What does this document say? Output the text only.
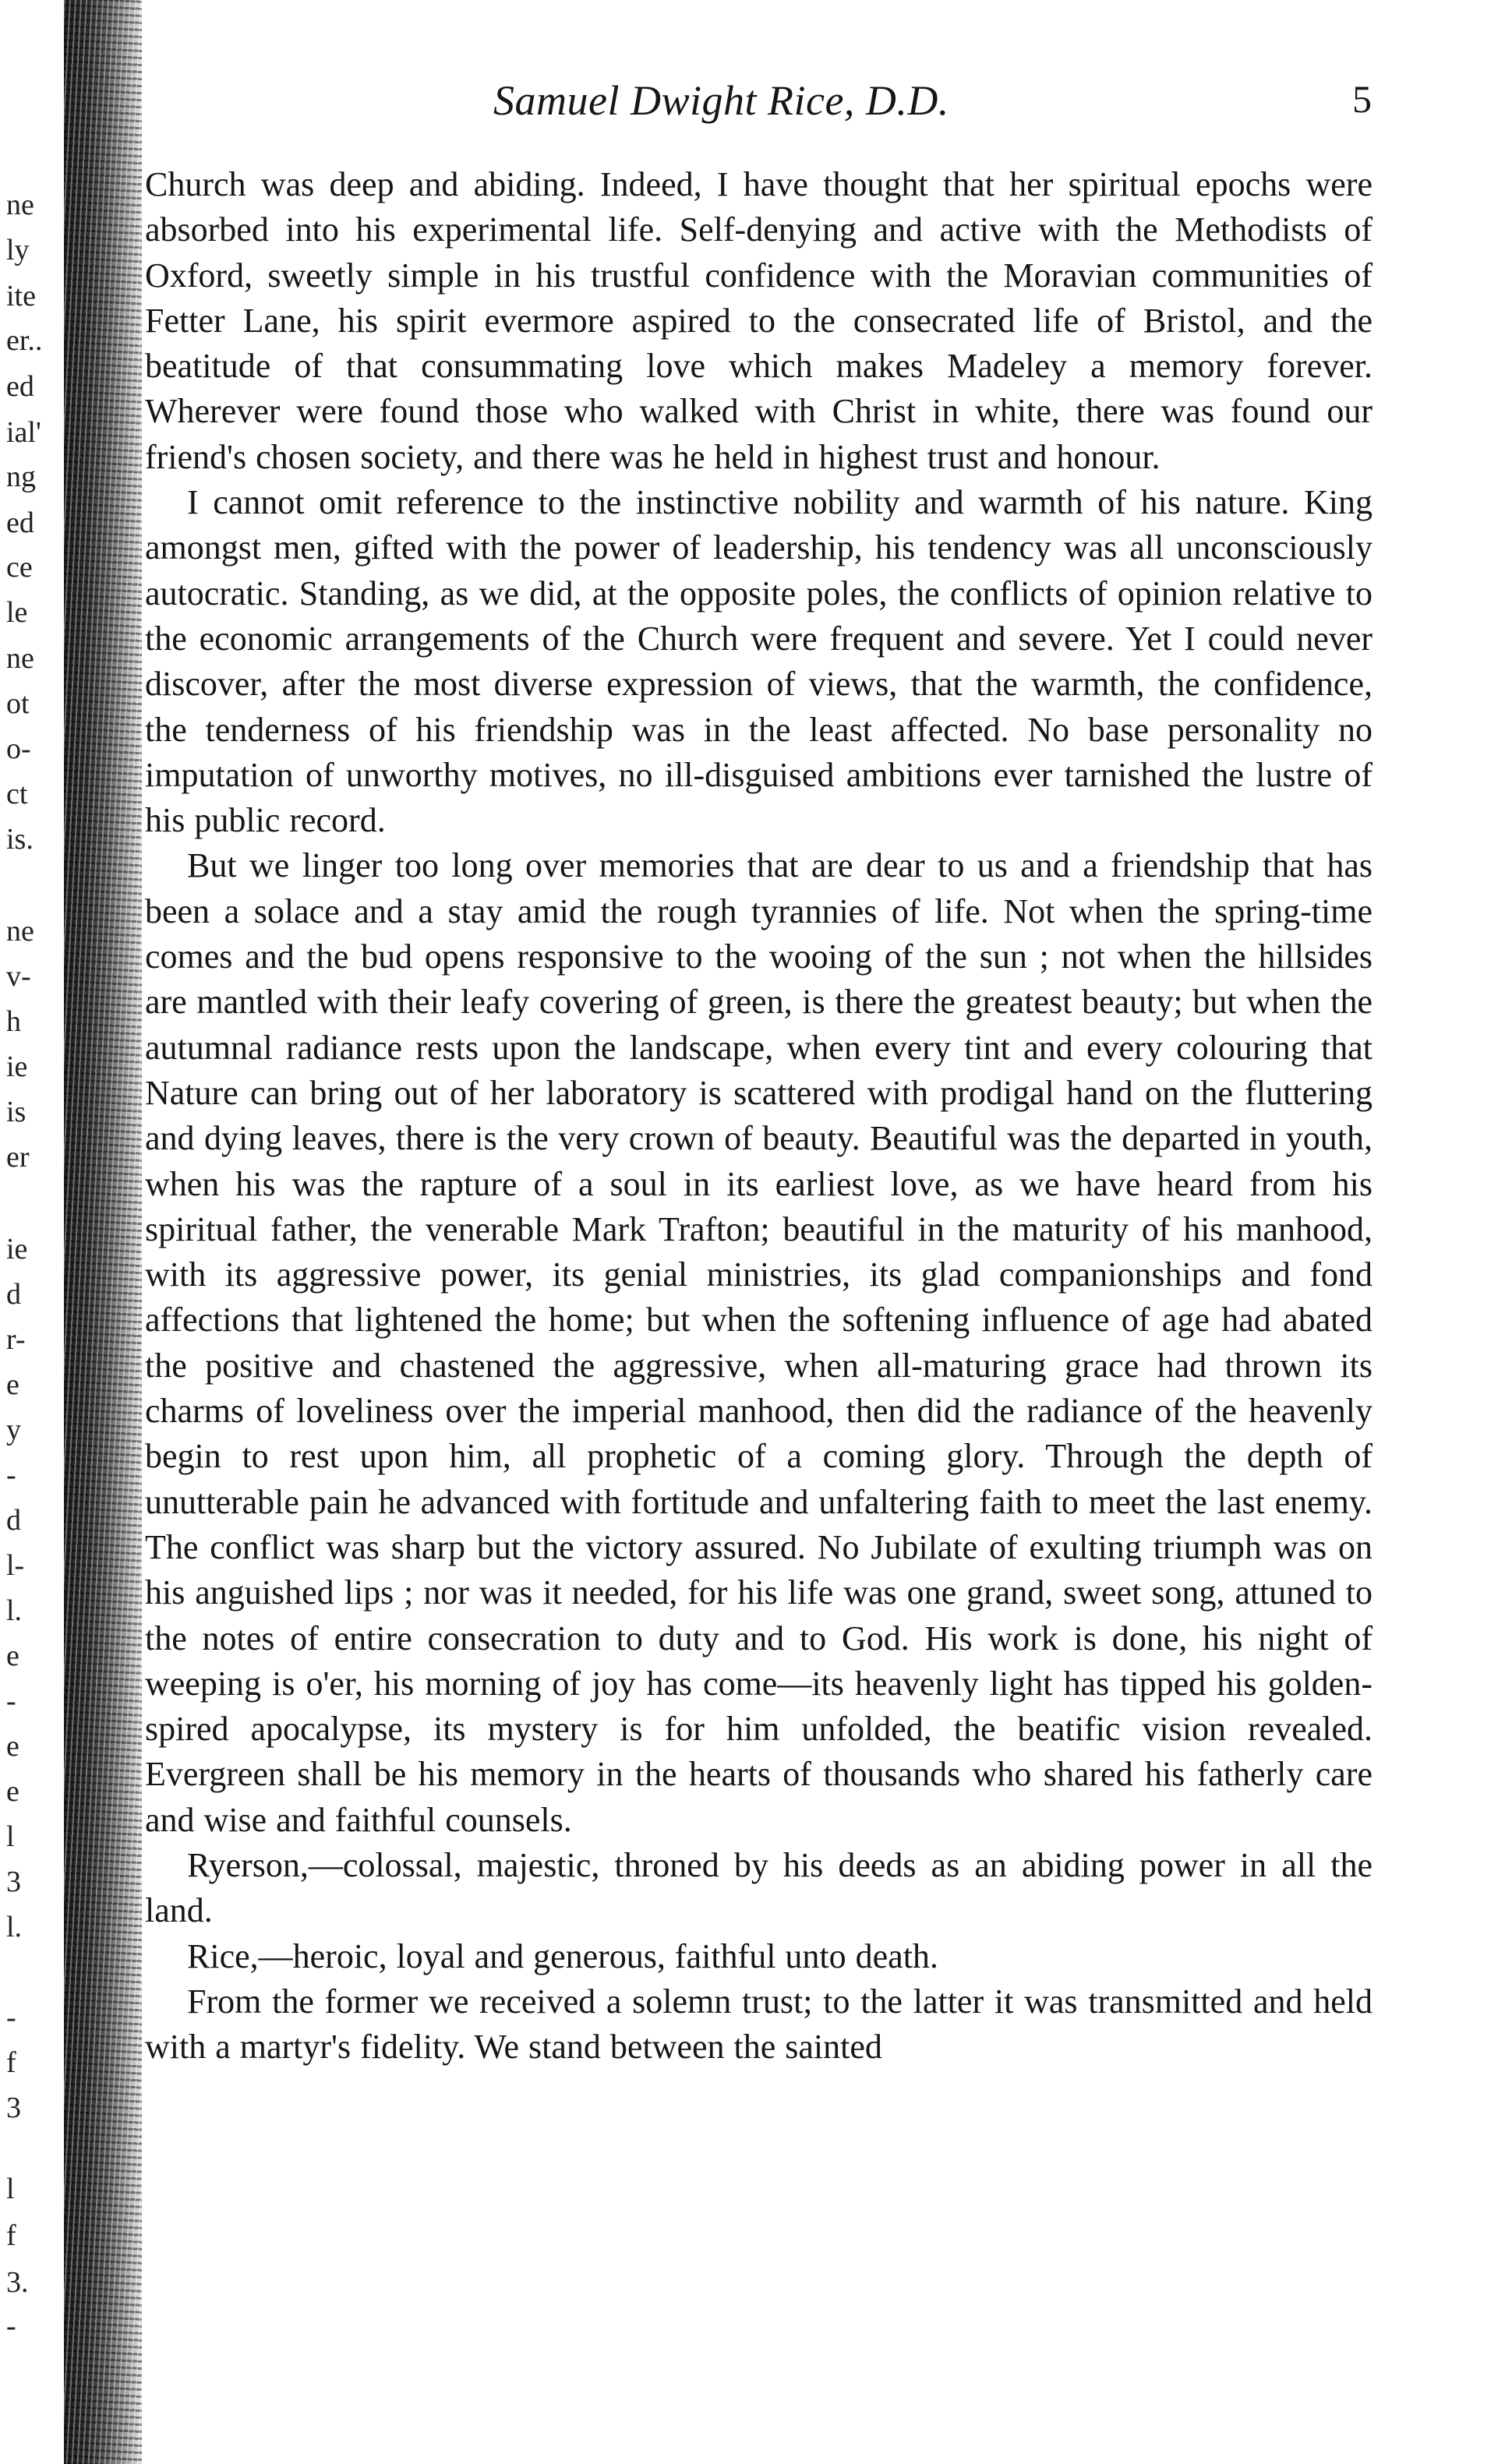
ne
ly
ite
er..
ed
ial'
ng
ed
ce
le
ne
ot
o-
ct
is.
ne
v-
h
ie
is
er
ie
d
r-
e
y
-
d
l-
l.
e
-
e
e
l
3
l.
-
f
3
l
f
3.
-
Samuel Dwight Rice, D.D.	5

Church was deep and abiding. Indeed, I have thought that her spiritual epochs were absorbed into his experimental life. Self-denying and active with the Methodists of Oxford, sweetly simple in his trustful confidence with the Moravian communities of Fetter Lane, his spirit evermore aspired to the consecrated life of Bristol, and the beatitude of that consummating love which makes Madeley a memory forever. Wherever were found those who walked with Christ in white, there was found our friend's chosen society, and there was he held in highest trust and honour.

I cannot omit reference to the instinctive nobility and warmth of his nature. King amongst men, gifted with the power of leadership, his tendency was all unconsciously autocratic. Standing, as we did, at the opposite poles, the conflicts of opinion relative to the economic arrangements of the Church were frequent and severe. Yet I could never discover, after the most diverse expression of views, that the warmth, the confidence, the tenderness of his friendship was in the least affected. No base personality no imputation of unworthy motives, no ill-disguised ambitions ever tarnished the lustre of his public record.

But we linger too long over memories that are dear to us and a friendship that has been a solace and a stay amid the rough tyrannies of life. Not when the spring-time comes and the bud opens responsive to the wooing of the sun ; not when the hillsides are mantled with their leafy covering of green, is there the greatest beauty; but when the autumnal radiance rests upon the landscape, when every tint and every colouring that Nature can bring out of her laboratory is scattered with prodigal hand on the fluttering and dying leaves, there is the very crown of beauty. Beautiful was the departed in youth, when his was the rapture of a soul in its earliest love, as we have heard from his spiritual father, the venerable Mark Trafton; beautiful in the maturity of his manhood, with its aggressive power, its genial ministries, its glad companionships and fond affections that lightened the home; but when the softening influence of age had abated the positive and chastened the aggressive, when all-maturing grace had thrown its charms of loveliness over the imperial manhood, then did the radiance of the heavenly begin to rest upon him, all prophetic of a coming glory. Through the depth of unutterable pain he advanced with fortitude and unfaltering faith to meet the last enemy. The conflict was sharp but the victory assured. No Jubilate of exulting triumph was on his anguished lips ; nor was it needed, for his life was one grand, sweet song, attuned to the notes of entire consecration to duty and to God. His work is done, his night of weeping is o'er, his morning of joy has come—its heavenly light has tipped his golden-spired apocalypse, its mystery is for him unfolded, the beatific vision revealed. Evergreen shall be his memory in the hearts of thousands who shared his fatherly care and wise and faithful counsels.

Ryerson,—colossal, majestic, throned by his deeds as an abiding power in all the land.

Rice,—heroic, loyal and generous, faithful unto death.

From the former we received a solemn trust; to the latter it was transmitted and held with a martyr's fidelity. We stand between the sainted
